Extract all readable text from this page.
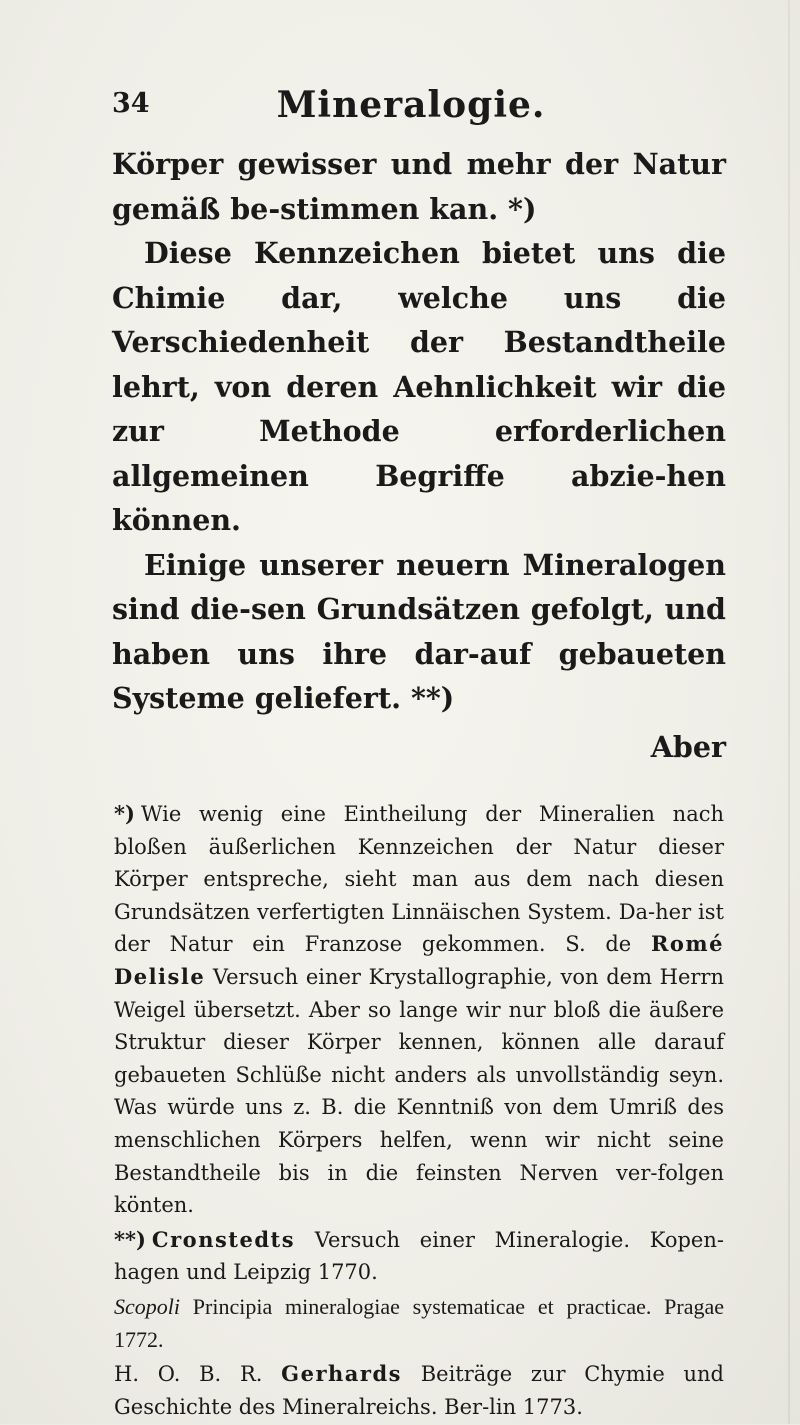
34	Mineralogie.

Körper gewisser und mehr der Natur gemäß be-stimmen kan. *)

Diese Kennzeichen bietet uns die Chimie dar, welche uns die Verschiedenheit der Bestandtheile lehrt, von deren Aehnlichkeit wir die zur Methode erforderlichen allgemeinen Begriffe abzie-hen können.

Einige unserer neuern Mineralogen sind die-sen Grundsätzen gefolgt, und haben uns ihre dar-auf gebaueten Systeme geliefert. **)

Aber

*) Wie wenig eine Eintheilung der Mineralien nach bloßen äußerlichen Kennzeichen der Natur dieser Körper entspreche, sieht man aus dem nach diesen Grundsätzen verfertigten Linnäischen System. Da-her ist der Natur ein Franzose gekommen. S. de Romé Delisle Versuch einer Krystallographie, von dem Herrn Weigel übersetzt. Aber so lange wir nur bloß die äußere Struktur dieser Körper kennen, können alle darauf gebaueten Schlüße nicht anders als unvollständig seyn. Was würde uns z. B. die Kenntniß von dem Umriß des menschlichen Körpers helfen, wenn wir nicht seine Bestandtheile bis in die feinsten Nerven ver-folgen könten.

**) Cronstedts Versuch einer Mineralogie. Kopen-hagen und Leipzig 1770.

Scopoli Principia mineralogiae systematicae et practicae. Pragae 1772.

H. O. B. R. Gerhards Beiträge zur Chymie und Geschichte des Mineralreichs. Ber-lin 1773.
